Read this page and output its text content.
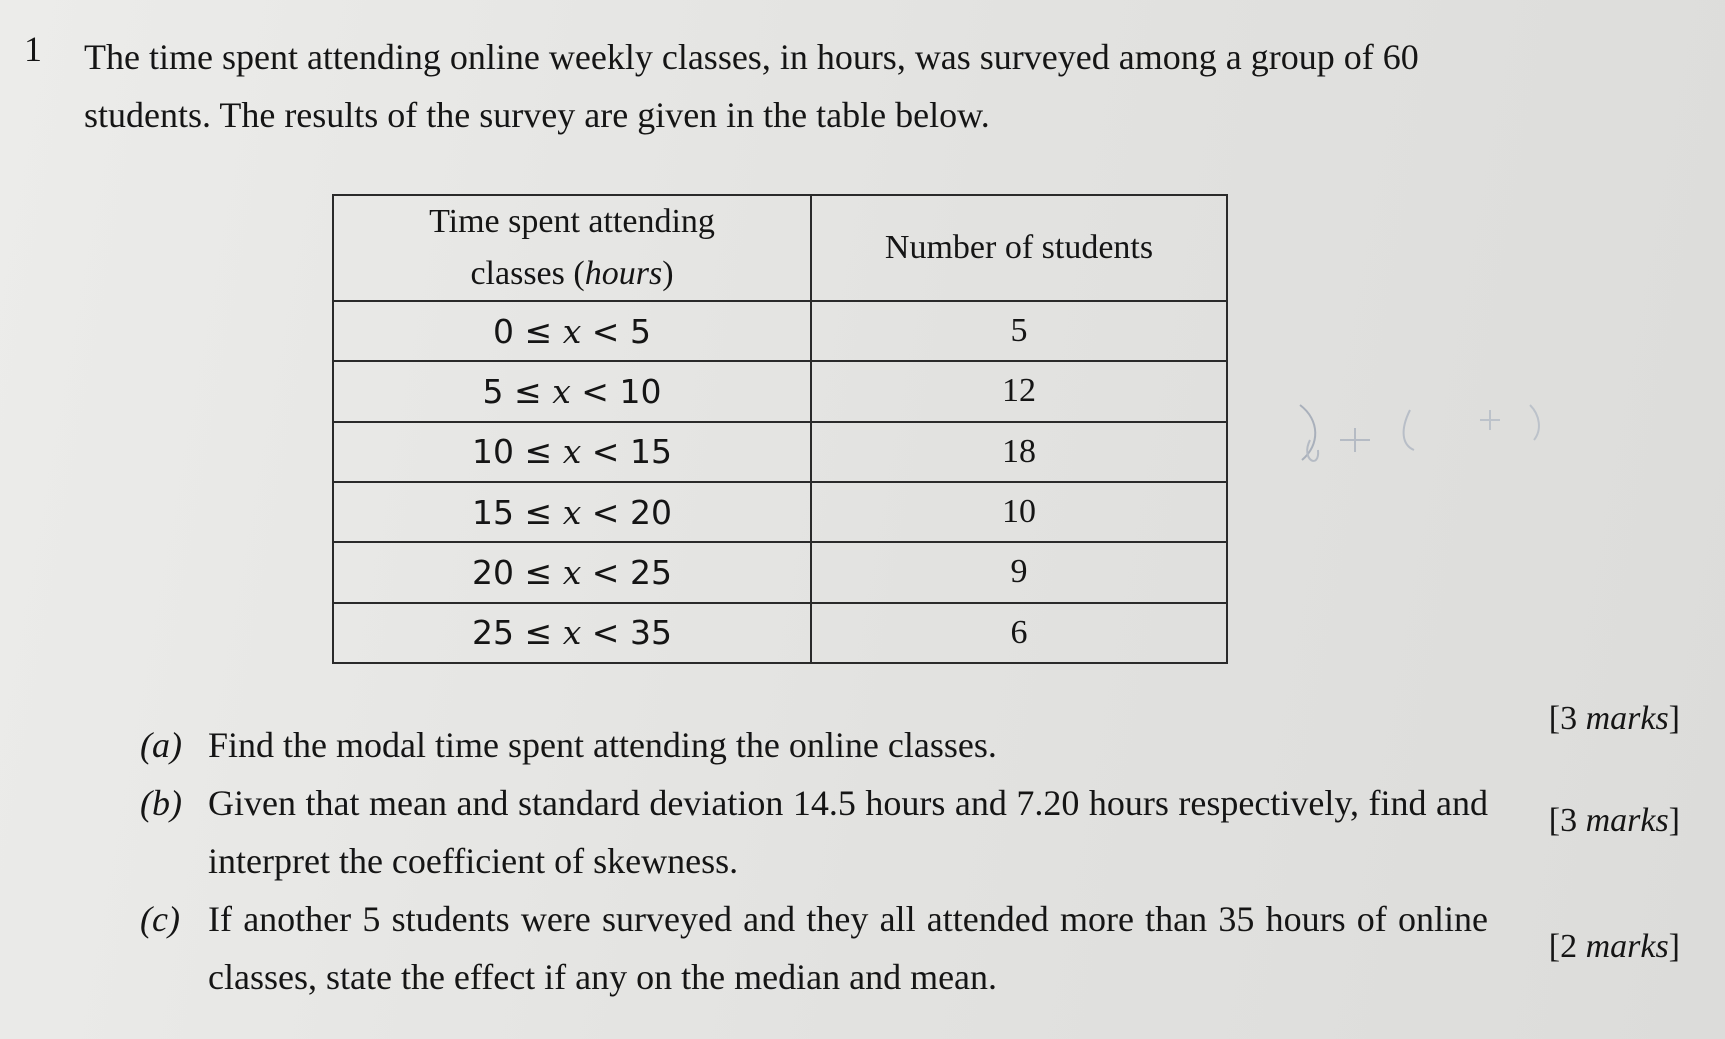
1 The time spent attending online weekly classes, in hours, was surveyed among a group of 60 students. The results of the survey are given in the table below.

Time spent attending
classes (hours)	Number of students
0 ≤ x < 5	5
5 ≤ x < 10	12
10 ≤ x < 15	18
15 ≤ x < 20	10
20 ≤ x < 25	9
25 ≤ x < 35	6
(a) Find the modal time spent attending the online classes.
[3 marks]
(b) Given that mean and standard deviation 14.5 hours and 7.20 hours respectively, find and interpret the coefficient of skewness.
[3 marks]
(c) If another 5 students were surveyed and they all attended more than 35 hours of online classes, state the effect if any on the median and mean.
[2 marks]
